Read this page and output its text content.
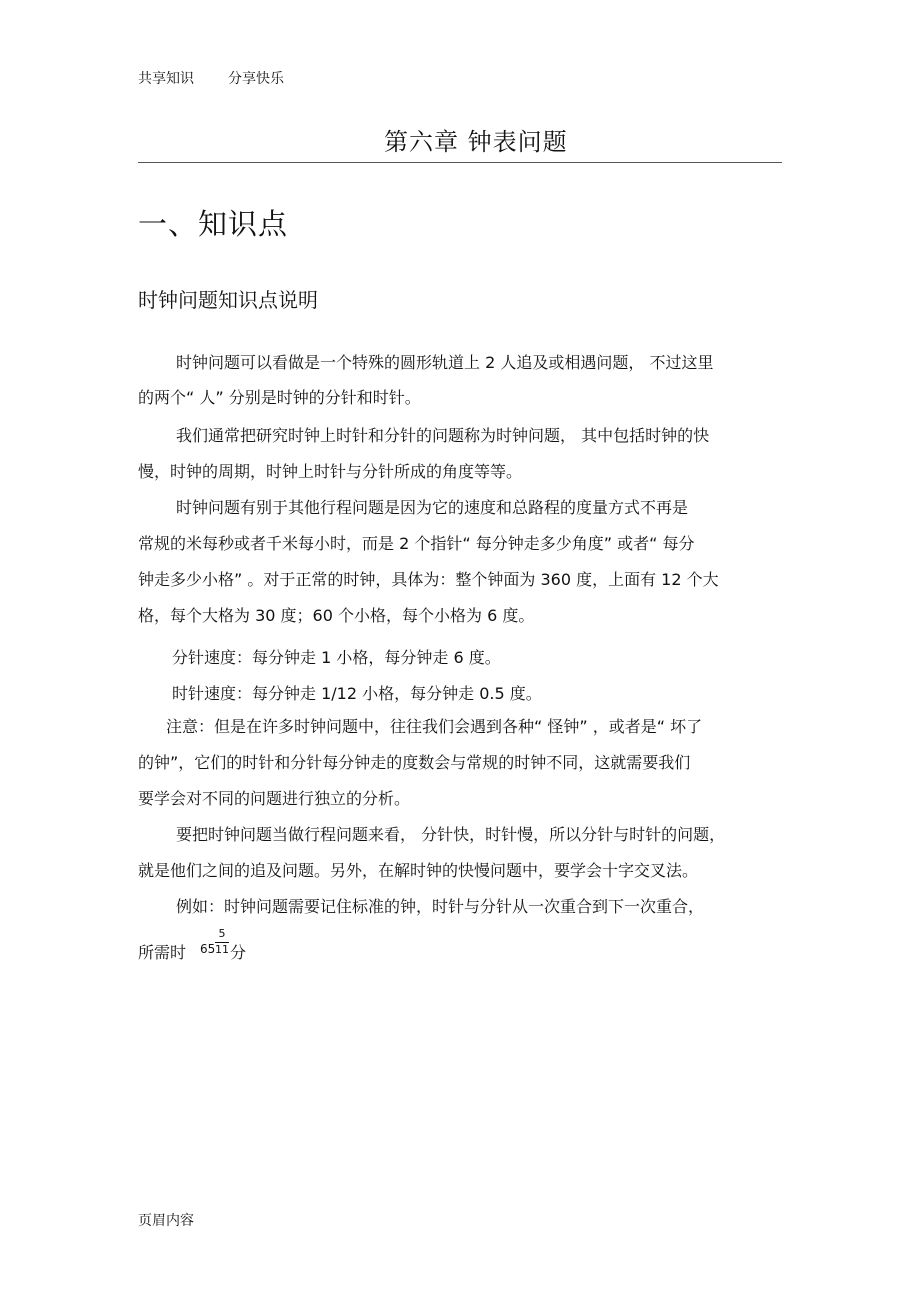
共享知识 分享快乐
第六章 钟表问题
一、知识点
时钟问题知识点说明
时钟问题可以看做是一个特殊的圆形轨道上 2 人追及或相遇问题， 不过这里
的两个“ 人” 分别是时钟的分针和时针。
我们通常把研究时钟上时针和分针的问题称为时钟问题， 其中包括时钟的快
慢，时钟的周期，时钟上时针与分针所成的角度等等。
时钟问题有别于其他行程问题是因为它的速度和总路程的度量方式不再是
常规的米每秒或者千米每小时，而是 2 个指针“ 每分钟走多少角度” 或者“ 每分
钟走多少小格” 。对于正常的时钟，具体为：整个钟面为 360 度，上面有 12 个大
格，每个大格为 30 度；60 个小格，每个小格为 6 度。
分针速度：每分钟走 1 小格，每分钟走 6 度。
时针速度：每分钟走 1/12 小格，每分钟走 0.5 度。
注意：但是在许多时钟问题中，往往我们会遇到各种“ 怪钟” ，或者是“ 坏了
的钟”，它们的时针和分针每分钟走的度数会与常规的时钟不同，这就需要我们
要学会对不同的问题进行独立的分析。
要把时钟问题当做行程问题来看， 分针快，时针慢，所以分针与时针的问题，
就是他们之间的追及问题。另外，在解时钟的快慢问题中，要学会十字交叉法。
例如：时钟问题需要记住标准的钟，时针与分针从一次重合到下一次重合，
所需时 65
5
11 分
页眉内容
